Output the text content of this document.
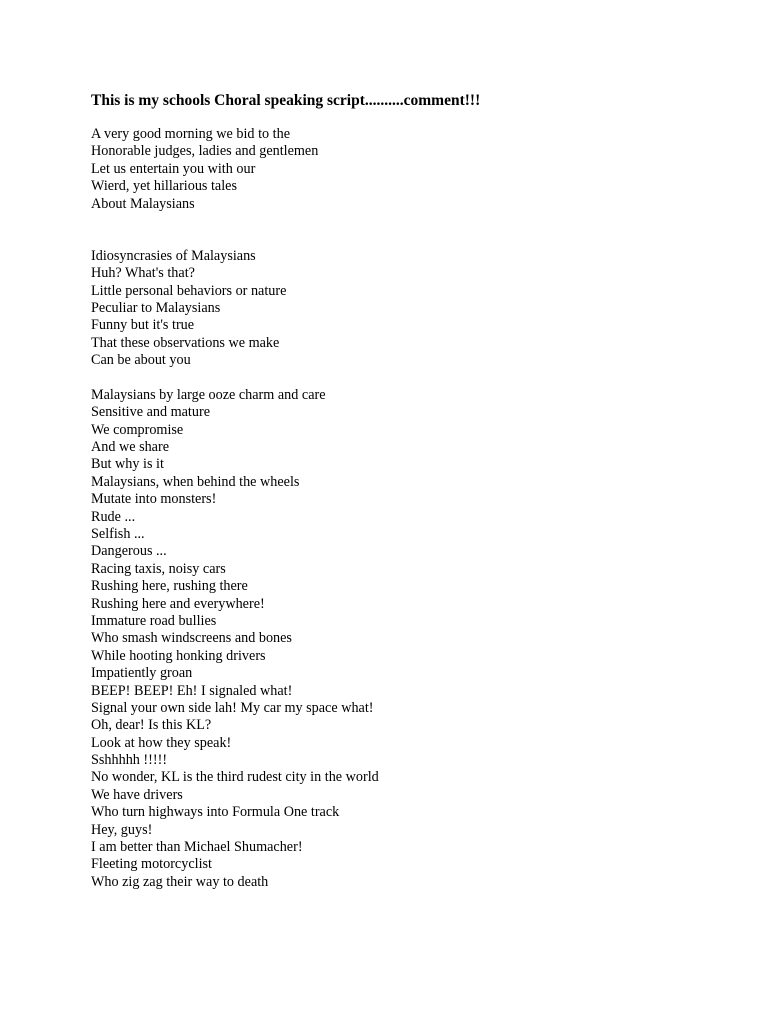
This is my schools Choral speaking script..........comment!!!
A very good morning we bid to the
Honorable judges, ladies and gentlemen
Let us entertain you with our
Wierd, yet hillarious tales
About Malaysians
Idiosyncrasies of Malaysians
Huh? What's that?
Little personal behaviors or nature
Peculiar to Malaysians
Funny but it's true
That these observations we make
Can be about you
Malaysians by large ooze charm and care
Sensitive and mature
We compromise
And we share
But why is it
Malaysians, when behind the wheels
Mutate into monsters!
Rude ...
Selfish ...
Dangerous ...
Racing taxis, noisy cars
Rushing here, rushing there
Rushing here and everywhere!
Immature road bullies
Who smash windscreens and bones
While hooting honking drivers
Impatiently groan
BEEP! BEEP! Eh! I signaled what!
Signal your own side lah! My car my space what!
Oh, dear! Is this KL?
Look at how they speak!
Sshhhhh !!!!!
No wonder, KL is the third rudest city in the world
We have drivers
Who turn highways into Formula One track
Hey, guys!
I am better than Michael Shumacher!
Fleeting motorcyclist
Who zig zag their way to death
